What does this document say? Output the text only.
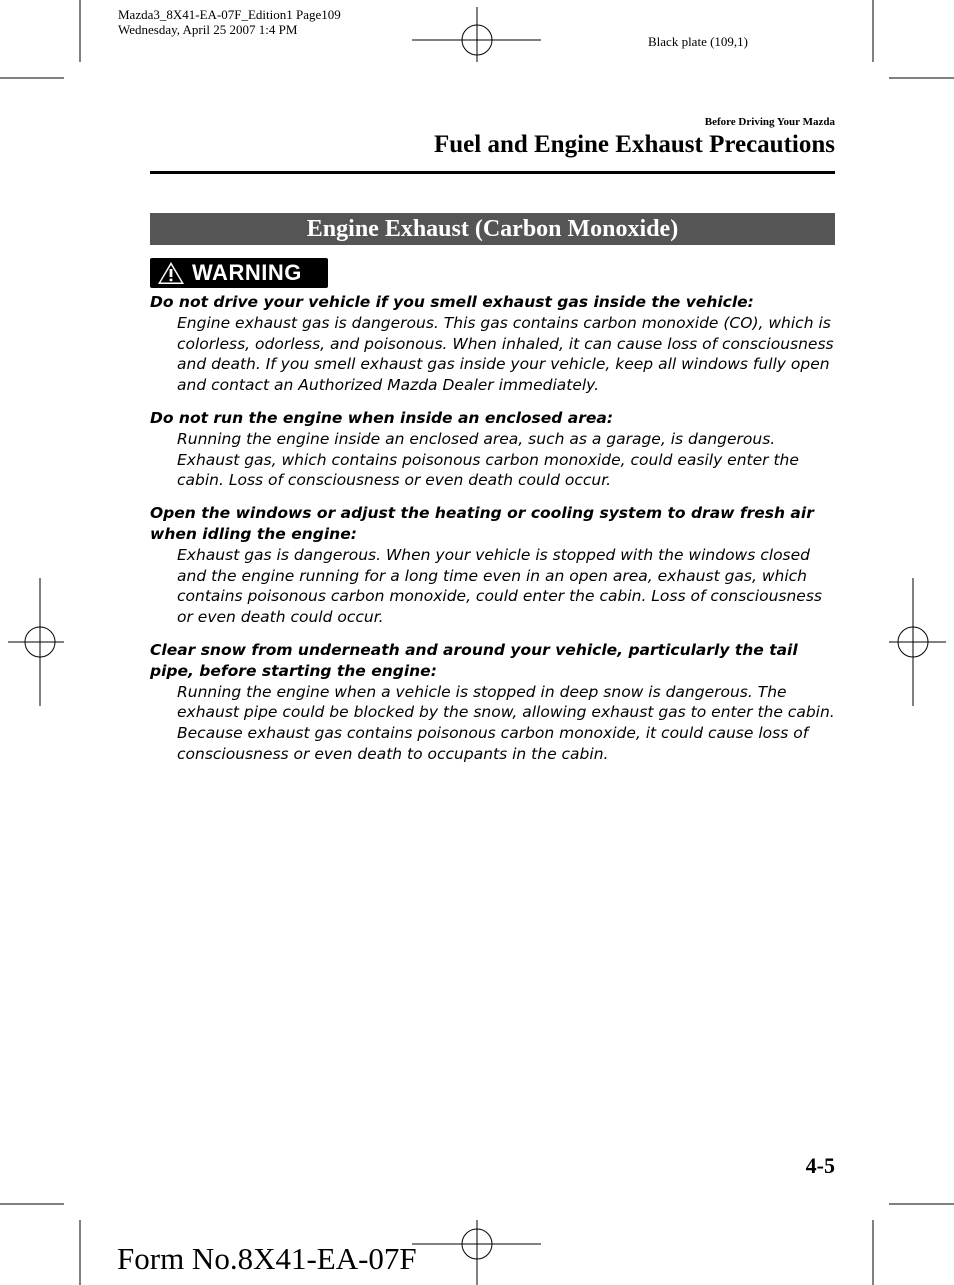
Mazda3_8X41-EA-07F_Edition1 Page109
Wednesday, April 25 2007 1:4 PM
Black plate (109,1)
Before Driving Your Mazda
Fuel and Engine Exhaust Precautions
Engine Exhaust (Carbon Monoxide)
WARNING
Do not drive your vehicle if you smell exhaust gas inside the vehicle:
Engine exhaust gas is dangerous. This gas contains carbon monoxide (CO), which is colorless, odorless, and poisonous. When inhaled, it can cause loss of consciousness and death. If you smell exhaust gas inside your vehicle, keep all windows fully open and contact an Authorized Mazda Dealer immediately.
Do not run the engine when inside an enclosed area:
Running the engine inside an enclosed area, such as a garage, is dangerous. Exhaust gas, which contains poisonous carbon monoxide, could easily enter the cabin. Loss of consciousness or even death could occur.
Open the windows or adjust the heating or cooling system to draw fresh air when idling the engine:
Exhaust gas is dangerous. When your vehicle is stopped with the windows closed and the engine running for a long time even in an open area, exhaust gas, which contains poisonous carbon monoxide, could enter the cabin. Loss of consciousness or even death could occur.
Clear snow from underneath and around your vehicle, particularly the tail pipe, before starting the engine:
Running the engine when a vehicle is stopped in deep snow is dangerous. The exhaust pipe could be blocked by the snow, allowing exhaust gas to enter the cabin. Because exhaust gas contains poisonous carbon monoxide, it could cause loss of consciousness or even death to occupants in the cabin.
4-5
Form No.8X41-EA-07F
